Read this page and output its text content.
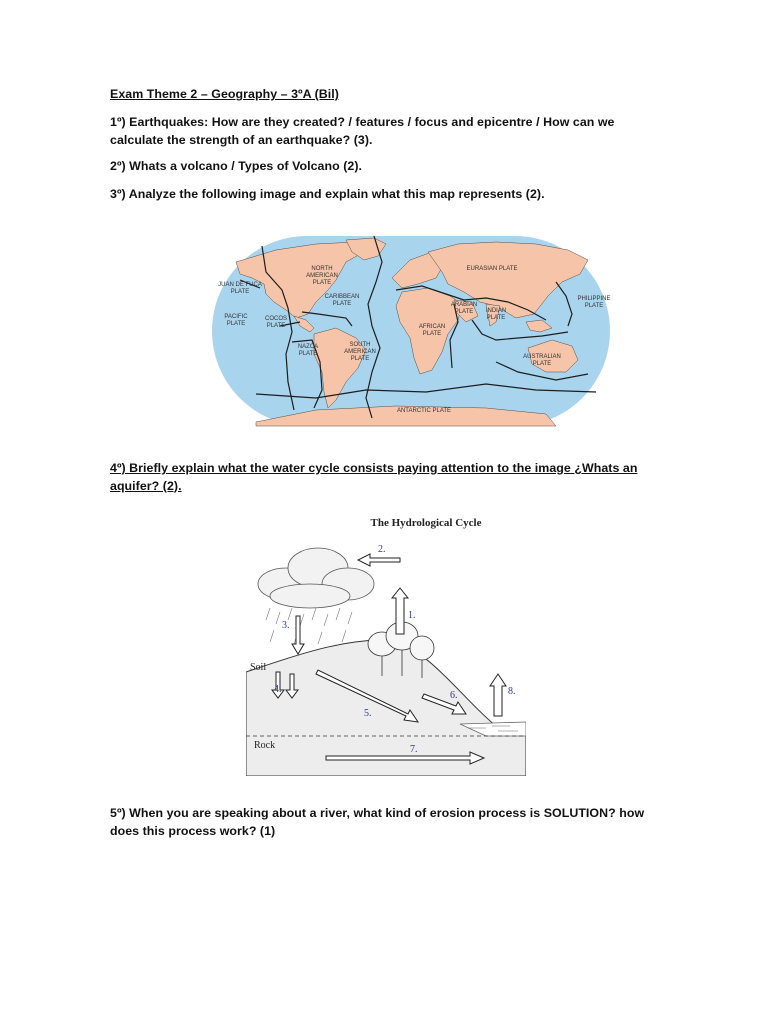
Exam Theme 2 – Geography – 3ºA (Bil)
1º) Earthquakes: How are they created? / features / focus and epicentre / How can we calculate the strength of an earthquake? (3).
2º) Whats a volcano / Types of Volcano (2).
3º) Analyze the following image and explain what this map represents (2).
NORTH
AMERICAN
PLATE
JUAN DE FUCA
PLATE
CARIBBEAN
PLATE
PACIFIC
PLATE
COCOS
PLATE
NAZCA
PLATE
SOUTH
AMERICAN
PLATE
EURASIAN PLATE
ARABIAN
PLATE INDIAN
PLATE
AFRICAN
PLATE
PHILIPPINE
PLATE
AUSTRALIAN
PLATE
ANTARCTIC PLATE
4º) Briefly explain what the water cycle consists paying attention to the image ¿Whats an aquifer? (2).
The Hydrological Cycle
2.
1.
3.
4.
5.
6.
7.
8.
Soil
Rock
5º) When you are speaking about a river, what kind of erosion process is SOLUTION? how does this process work? (1)
